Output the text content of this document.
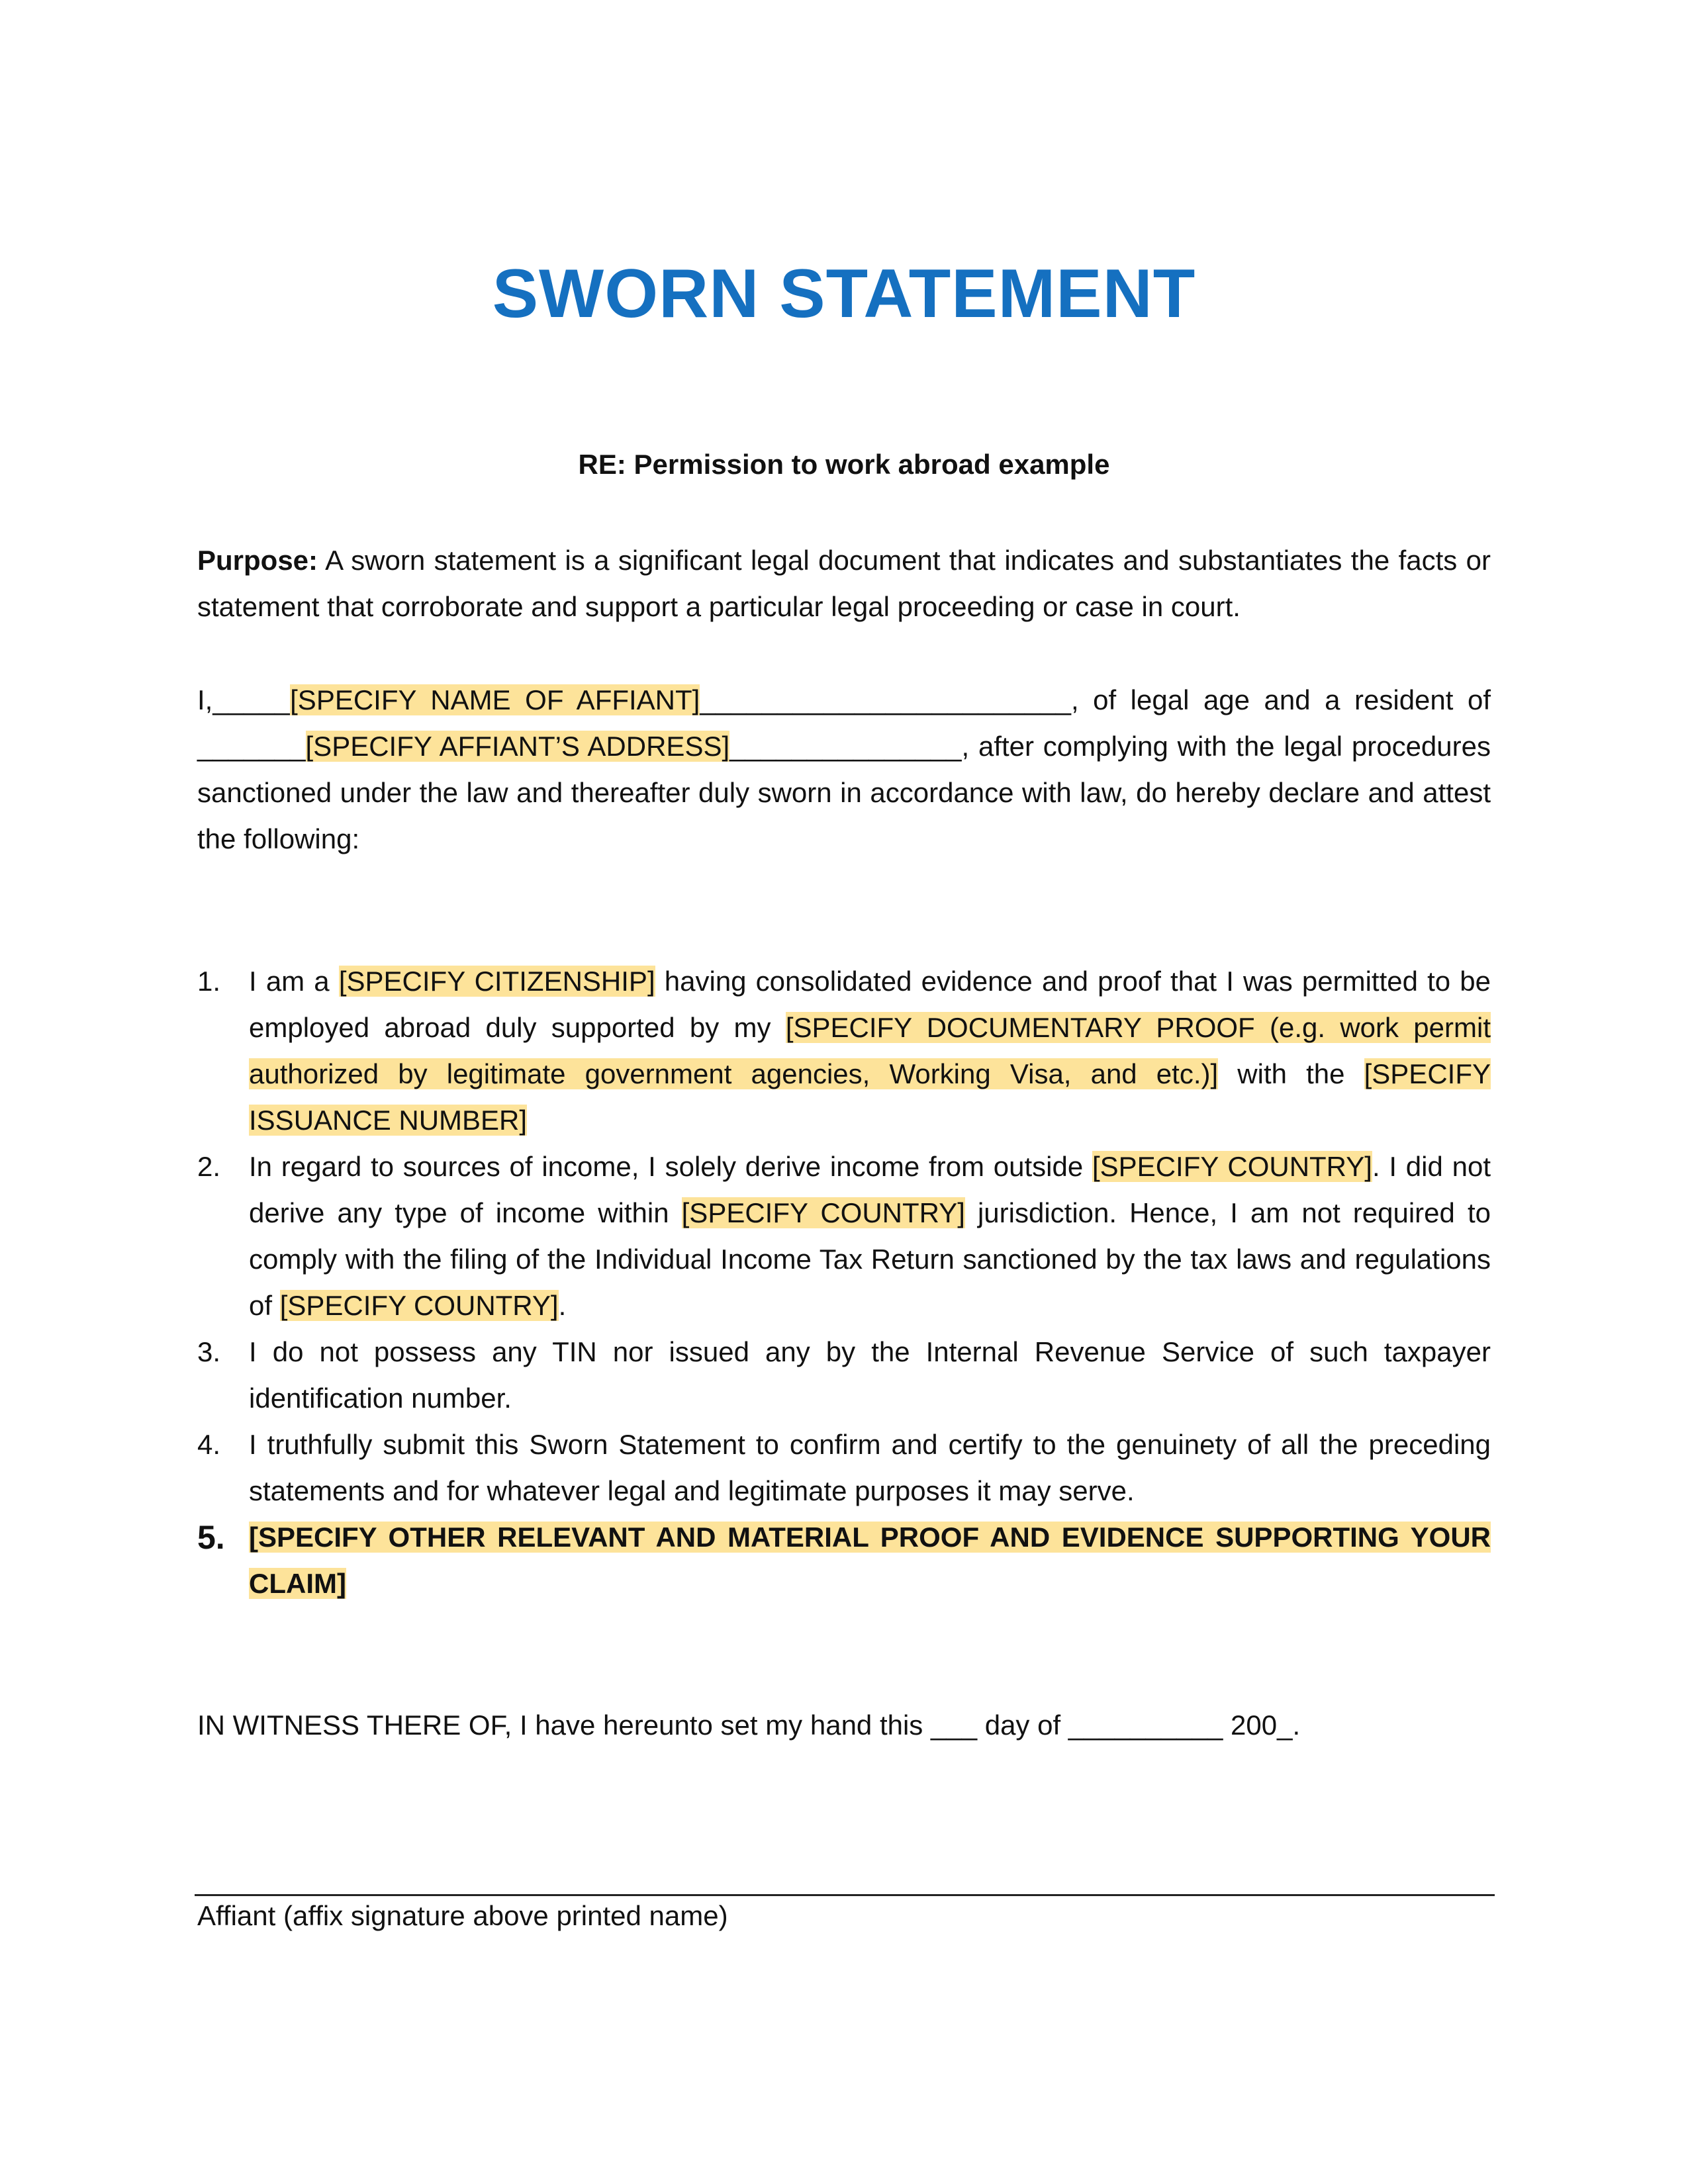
SWORN STATEMENT
RE: Permission to work abroad example
Purpose: A sworn statement is a significant legal document that indicates and substantiates the facts or statement that corroborate and support a particular legal proceeding or case in court.
I,_____[SPECIFY NAME OF AFFIANT]________________________, of legal age and a resident of _______[SPECIFY AFFIANT’S ADDRESS]_______________, after complying with the legal procedures sanctioned under the law and thereafter duly sworn in accordance with law, do hereby declare and attest the following:
1. I am a [SPECIFY CITIZENSHIP] having consolidated evidence and proof that I was permitted to be employed abroad duly supported by my [SPECIFY DOCUMENTARY PROOF (e.g. work permit authorized by legitimate government agencies, Working Visa, and etc.)] with the [SPECIFY ISSUANCE NUMBER]
2. In regard to sources of income, I solely derive income from outside [SPECIFY COUNTRY]. I did not derive any type of income within [SPECIFY COUNTRY] jurisdiction. Hence, I am not required to comply with the filing of the Individual Income Tax Return sanctioned by the tax laws and regulations of [SPECIFY COUNTRY].
3. I do not possess any TIN nor issued any by the Internal Revenue Service of such taxpayer identification number.
4. I truthfully submit this Sworn Statement to confirm and certify to the genuinety of all the preceding statements and for whatever legal and legitimate purposes it may serve.
5. [SPECIFY OTHER RELEVANT AND MATERIAL PROOF AND EVIDENCE SUPPORTING YOUR CLAIM]
IN WITNESS THERE OF, I have hereunto set my hand this ___ day of __________ 200_.
Affiant (affix signature above printed name)
